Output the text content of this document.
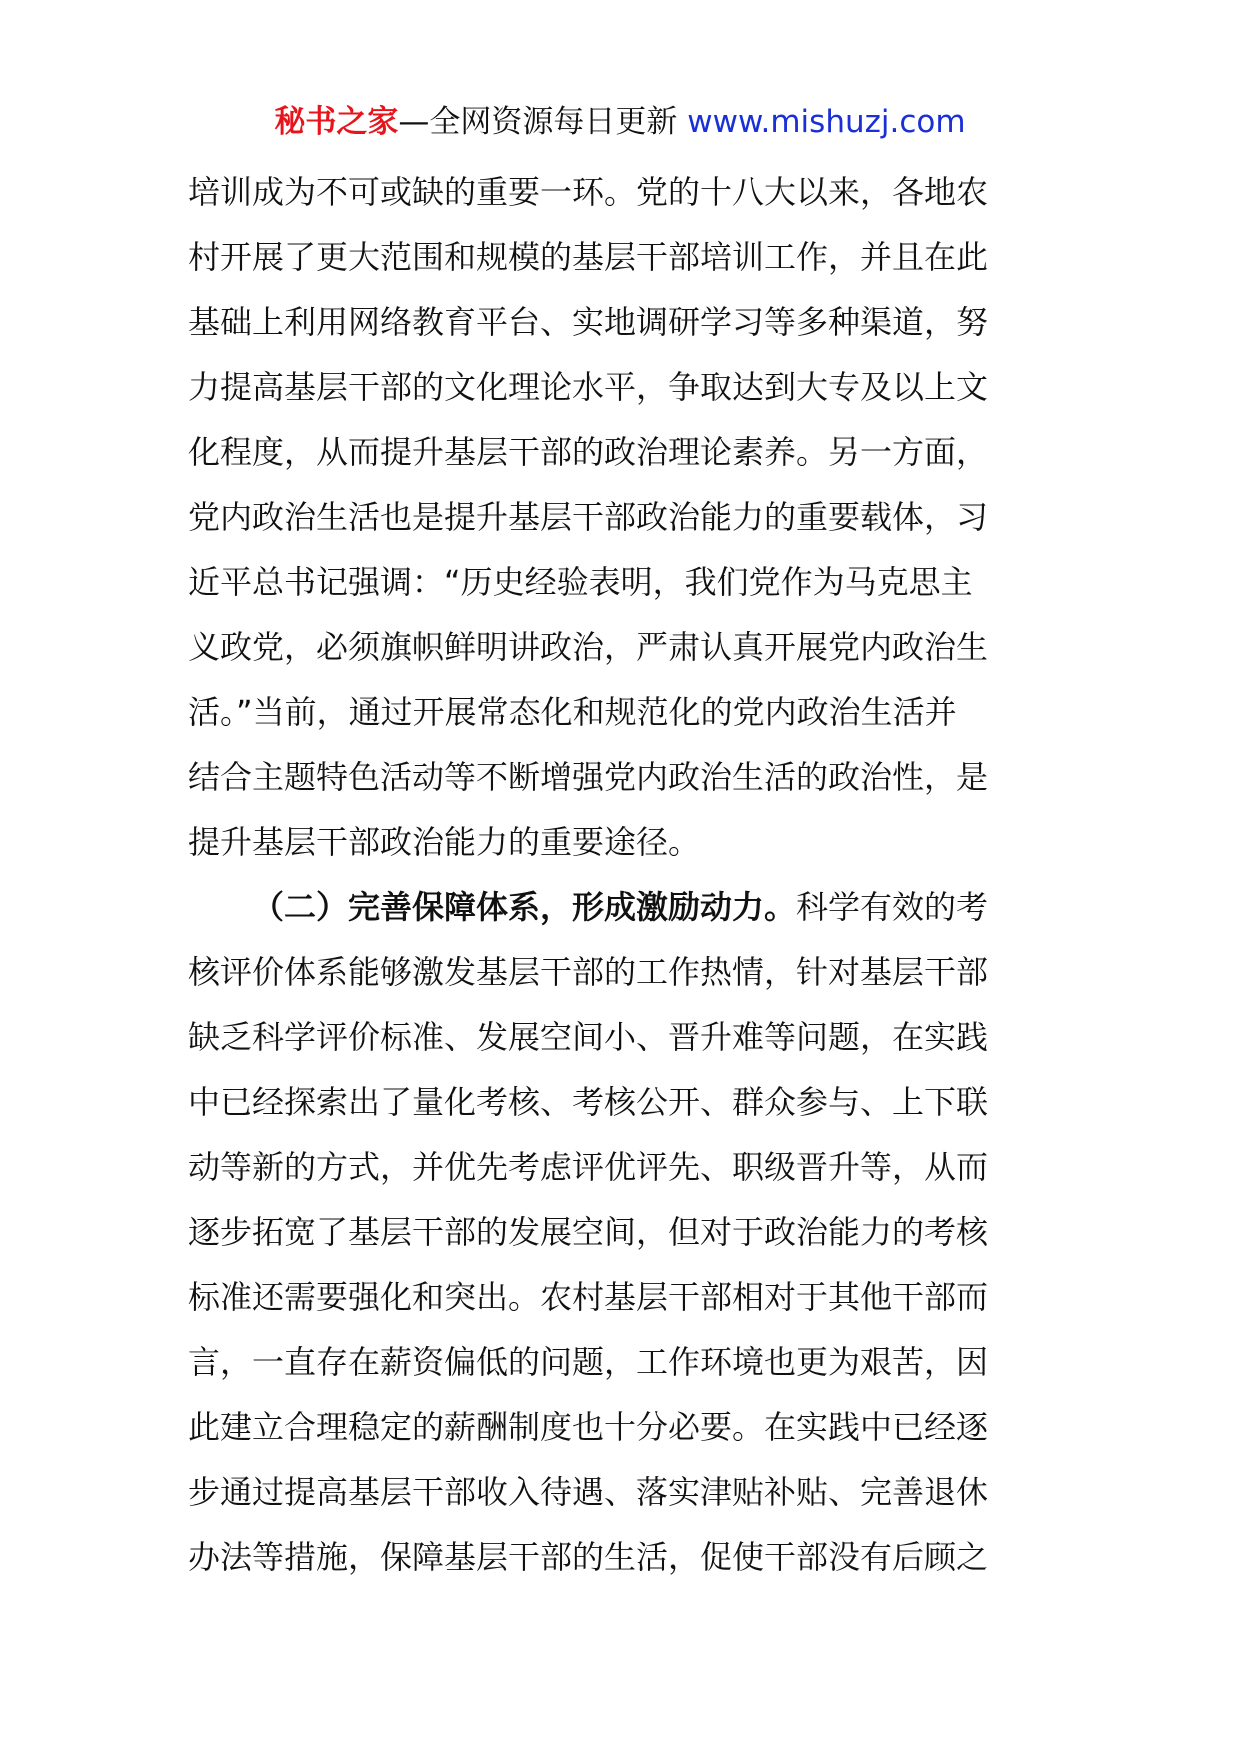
秘书之家—全网资源每日更新 www.mishuzj.com
培训成为不可或缺的重要一环。党的十八大以来，各地农
村开展了更大范围和规模的基层干部培训工作，并且在此
基础上利用网络教育平台、实地调研学习等多种渠道，努
力提高基层干部的文化理论水平，争取达到大专及以上文
化程度，从而提升基层干部的政治理论素养。另一方面，
党内政治生活也是提升基层干部政治能力的重要载体，习
近平总书记强调：“历史经验表明，我们党作为马克思主
义政党，必须旗帜鲜明讲政治，严肃认真开展党内政治生
活。”当前，通过开展常态化和规范化的党内政治生活并
结合主题特色活动等不断增强党内政治生活的政治性，是
提升基层干部政治能力的重要途径。
（二）完善保障体系，形成激励动力。科学有效的考
核评价体系能够激发基层干部的工作热情，针对基层干部
缺乏科学评价标准、发展空间小、晋升难等问题，在实践
中已经探索出了量化考核、考核公开、群众参与、上下联
动等新的方式，并优先考虑评优评先、职级晋升等，从而
逐步拓宽了基层干部的发展空间，但对于政治能力的考核
标准还需要强化和突出。农村基层干部相对于其他干部而
言，一直存在薪资偏低的问题，工作环境也更为艰苦，因
此建立合理稳定的薪酬制度也十分必要。在实践中已经逐
步通过提高基层干部收入待遇、落实津贴补贴、完善退休
办法等措施，保障基层干部的生活，促使干部没有后顾之
